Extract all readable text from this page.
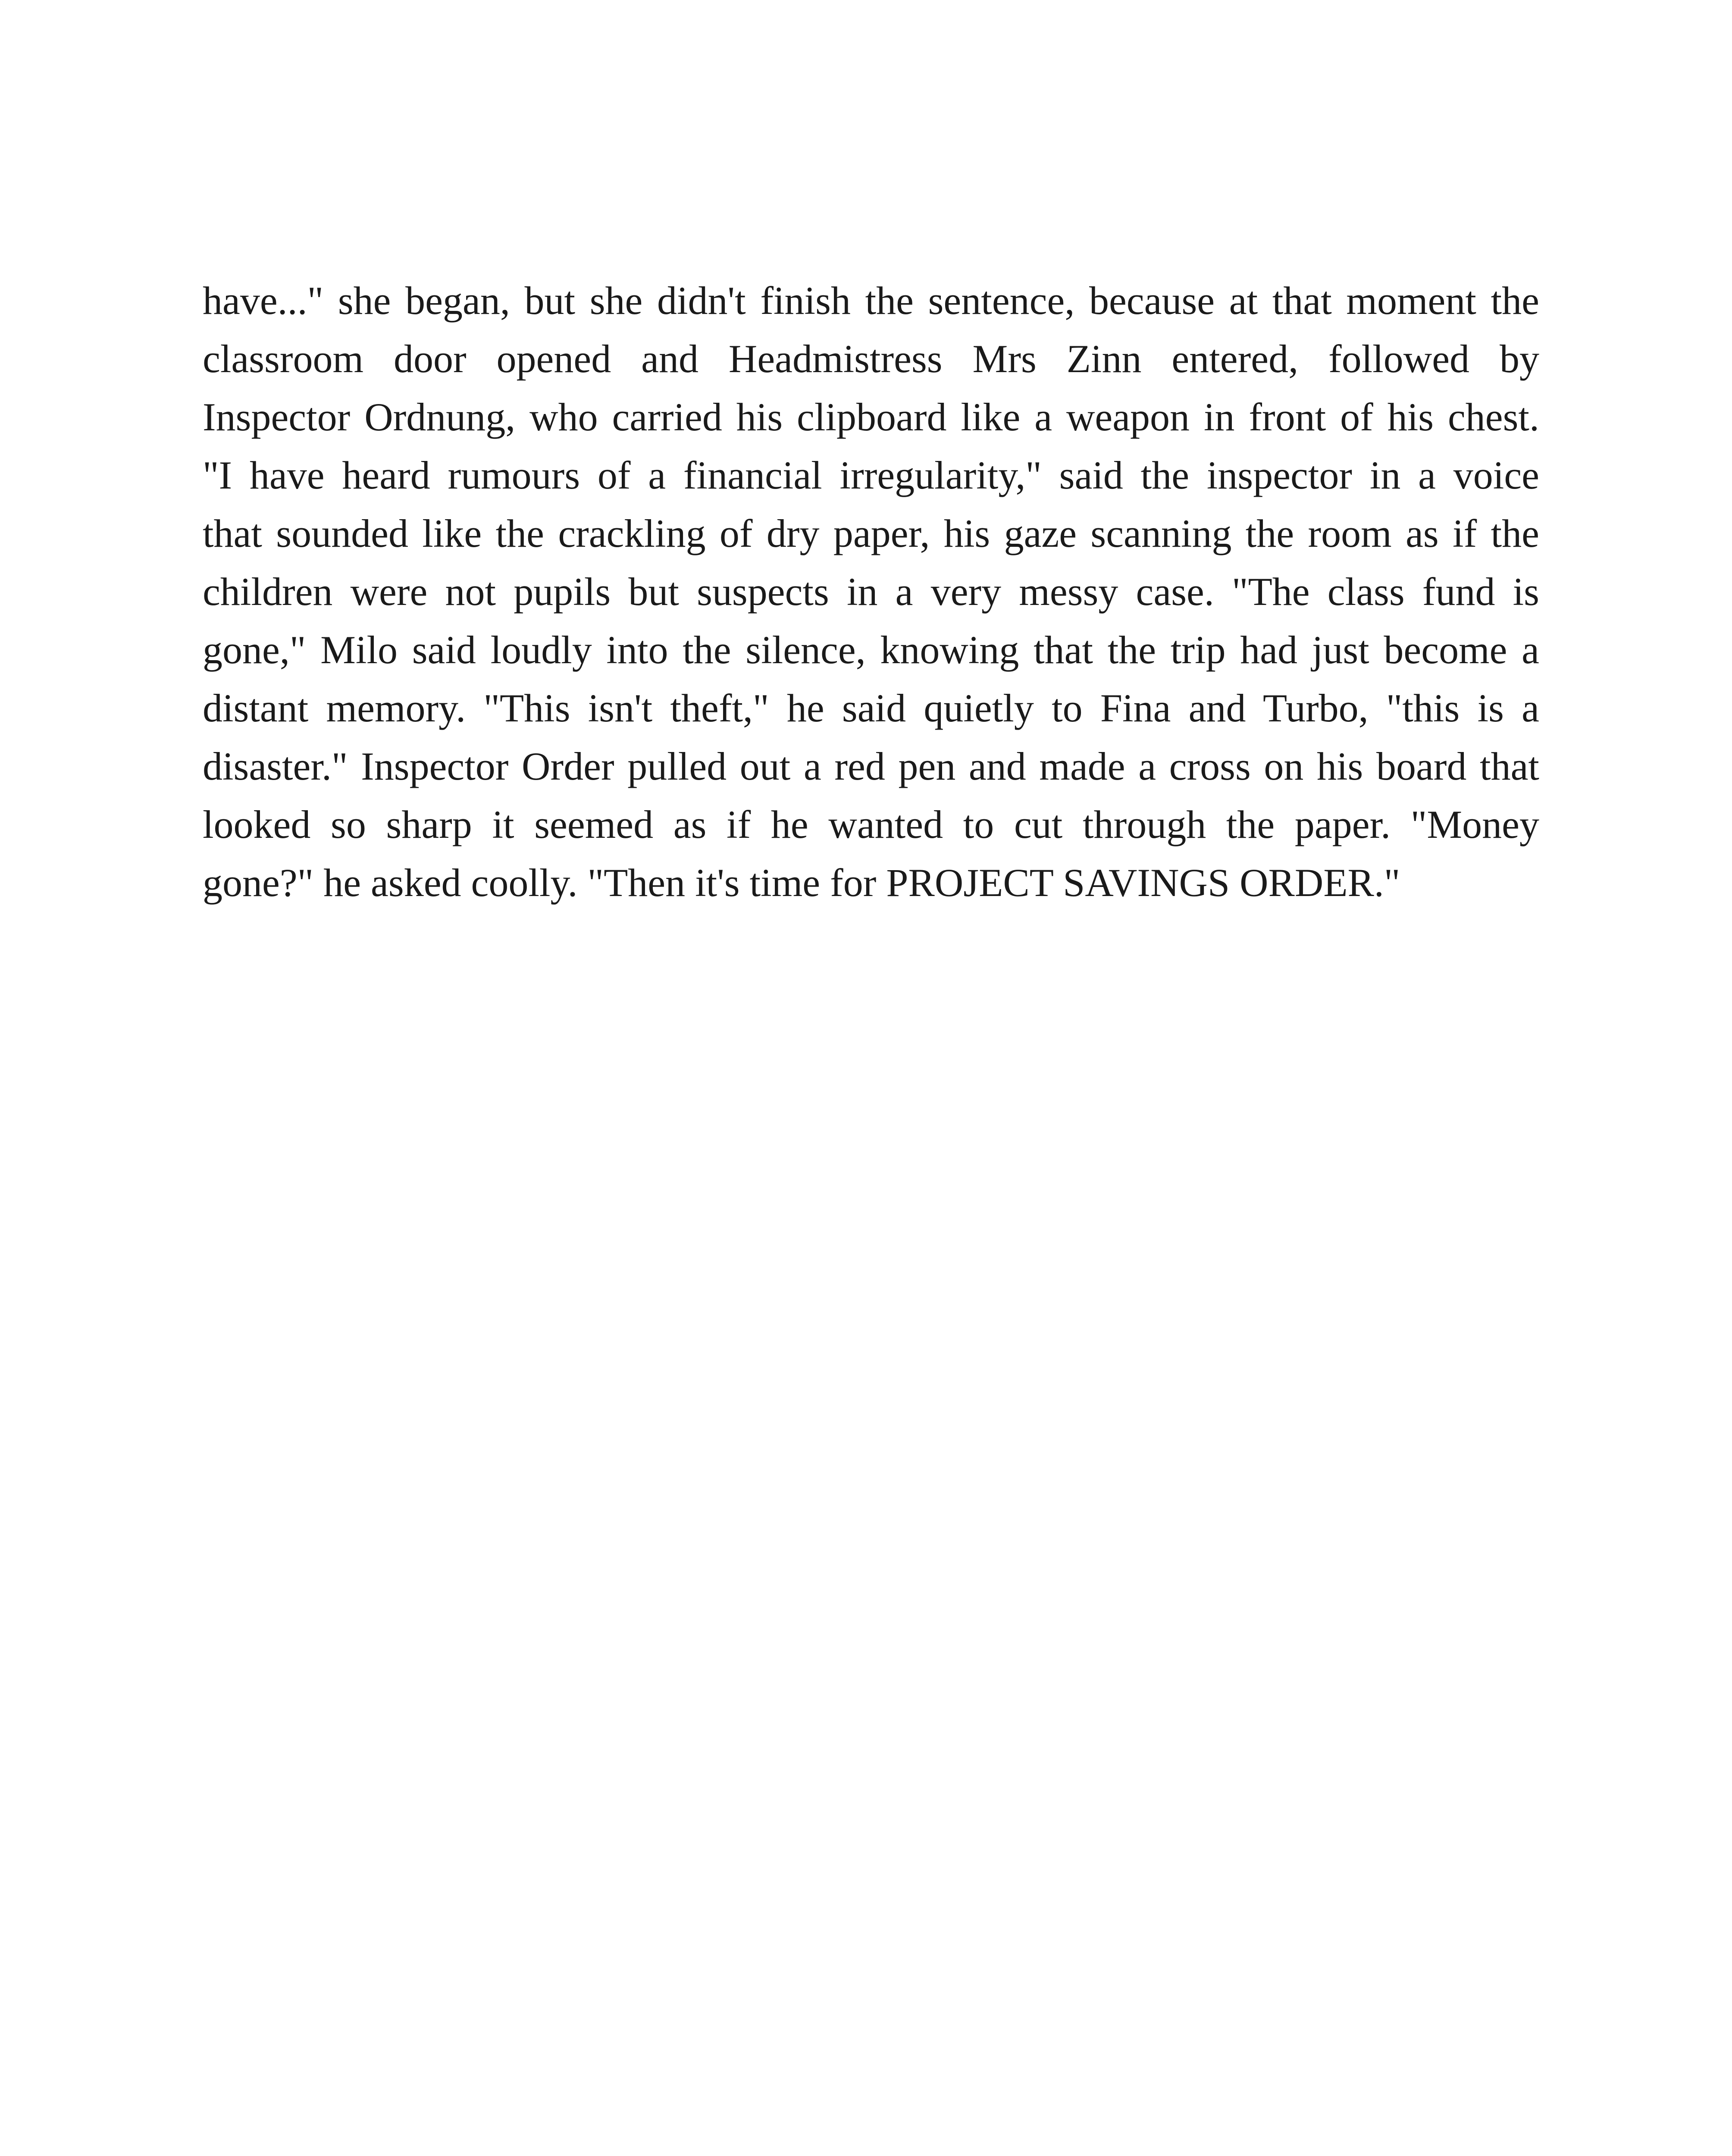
have..." she began, but she didn't finish the sentence, because at that moment the
classroom door opened and Headmistress Mrs Zinn entered, followed by
Inspector Ordnung, who carried his clipboard like a weapon in front of his chest.
"I have heard rumours of a financial irregularity," said the inspector in a voice
that sounded like the crackling of dry paper, his gaze scanning the room as if the
children were not pupils but suspects in a very messy case. "The class fund is
gone," Milo said loudly into the silence, knowing that the trip had just become a
distant memory. "This isn't theft," he said quietly to Fina and Turbo, "this is a
disaster." Inspector Order pulled out a red pen and made a cross on his board that
looked so sharp it seemed as if he wanted to cut through the paper. "Money
gone?" he asked coolly. "Then it's time for PROJECT SAVINGS ORDER."
